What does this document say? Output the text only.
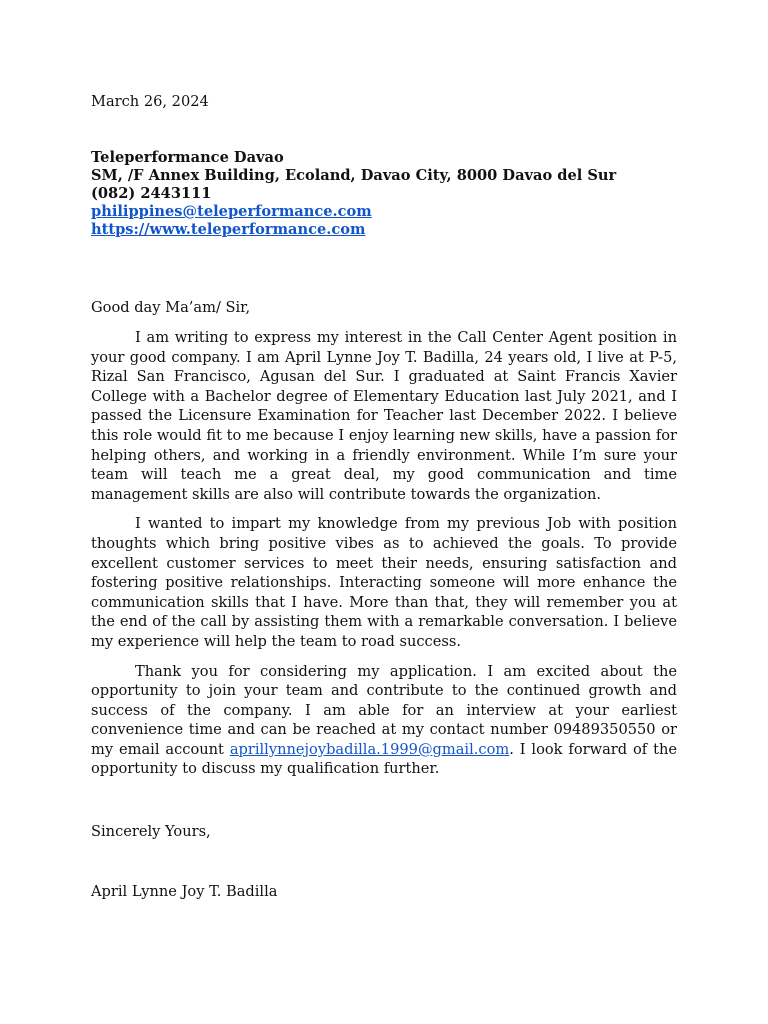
March 26, 2024
Teleperformance Davao
SM, /F Annex Building, Ecoland, Davao City, 8000 Davao del Sur
(082) 2443111
philippines@teleperformance.com
https://www.teleperformance.com
Good day Ma’am/ Sir,

I am writing to express my interest in the Call Center Agent position in your good company. I am April Lynne Joy T. Badilla, 24 years old, I live at P-5, Rizal San Francisco, Agusan del Sur. I graduated at Saint Francis Xavier College with a Bachelor degree of Elementary Education last July 2021, and I passed the Licensure Examination for Teacher last December 2022. I believe this role would fit to me because I enjoy learning new skills, have a passion for helping others, and working in a friendly environment. While I’m sure your team will teach me a great deal, my good communication and time management skills are also will contribute towards the organization.

I wanted to impart my knowledge from my previous Job with position thoughts which bring positive vibes as to achieved the goals. To provide excellent customer services to meet their needs, ensuring satisfaction and fostering positive relationships. Interacting someone will more enhance the communication skills that I have. More than that, they will remember you at the end of the call by assisting them with a remarkable conversation. I believe my experience will help the team to road success.

Thank you for considering my application. I am excited about the opportunity to join your team and contribute to the continued growth and success of the company. I am able for an interview at your earliest convenience time and can be reached at my contact number 09489350550 or my email account aprillynnejoybadilla.1999@gmail.com. I look forward of the opportunity to discuss my qualification further.

Sincerely Yours,
April Lynne Joy T. Badilla
